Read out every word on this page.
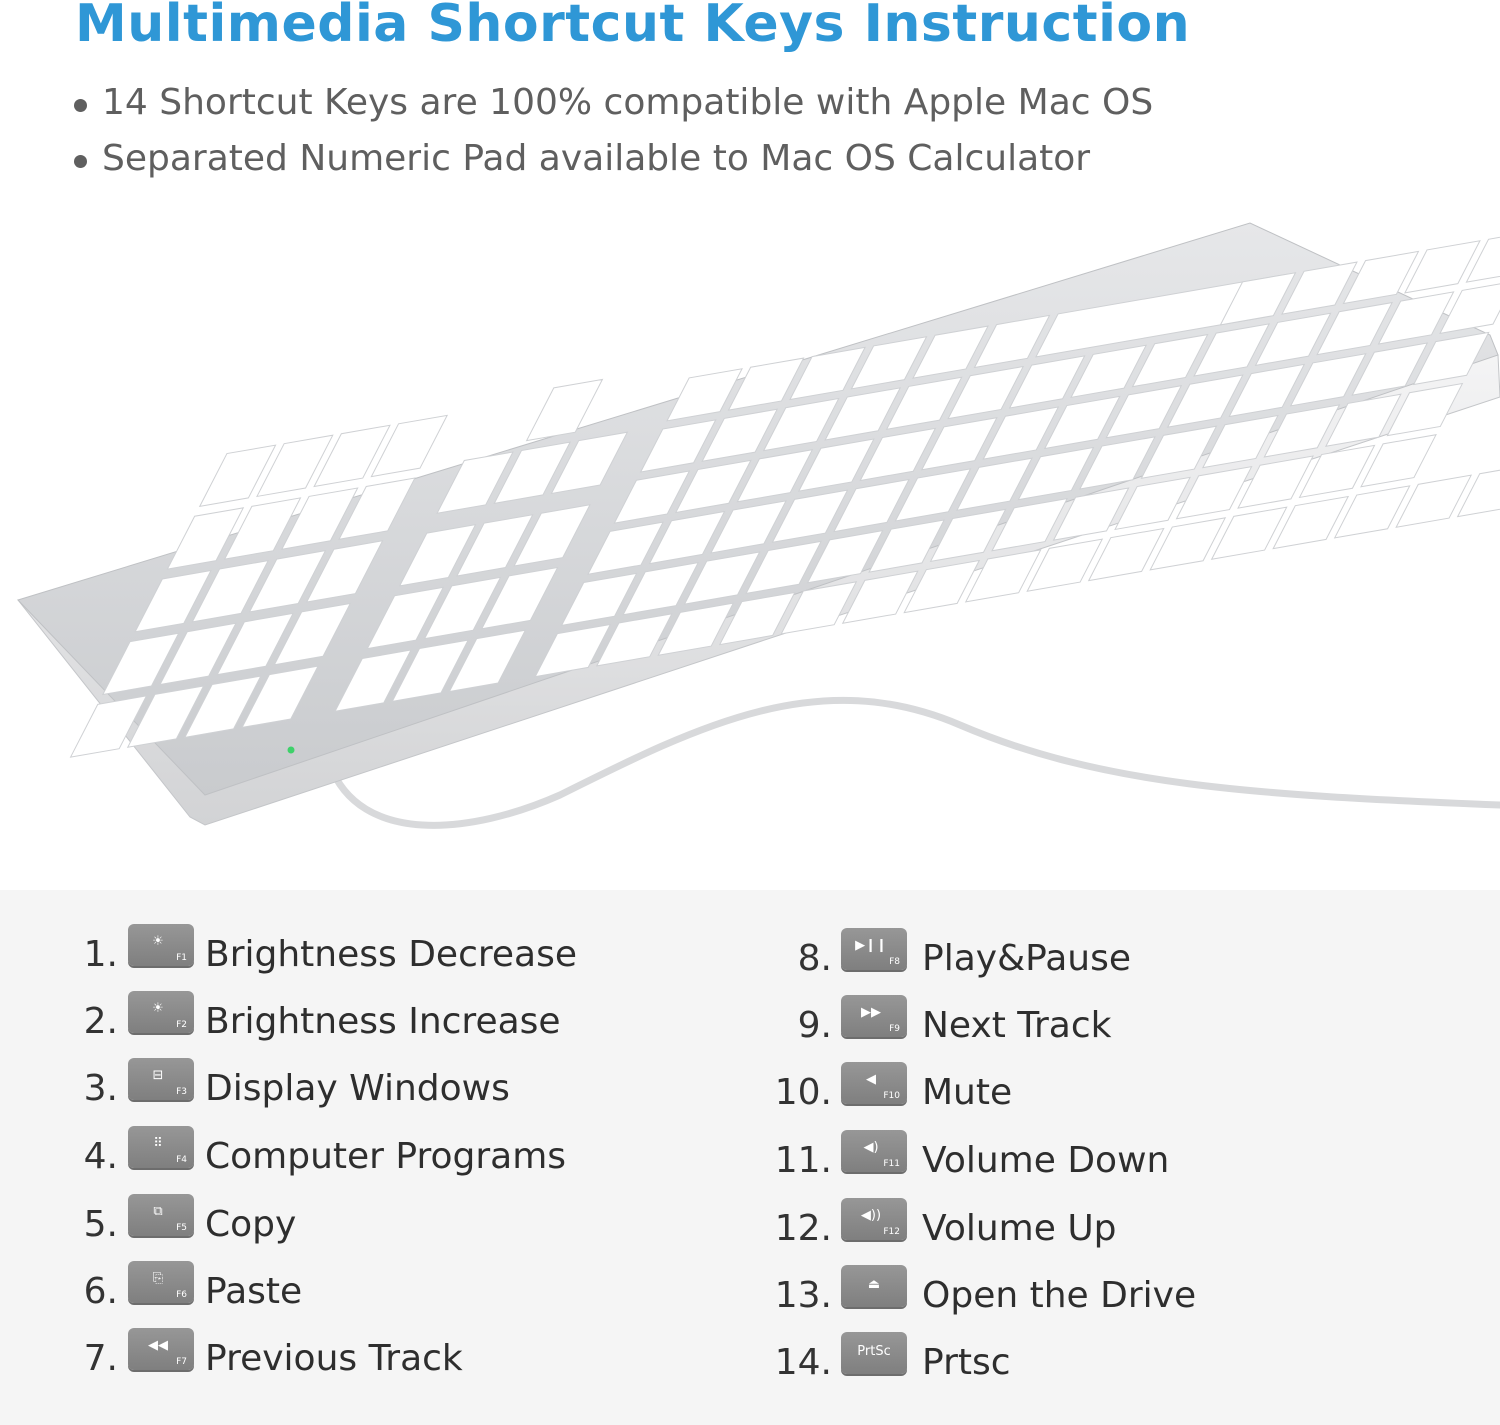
Multimedia Shortcut Keys Instruction
14 Shortcut Keys are 100% compatible with Apple Mac OS
Separated Numeric Pad available to Mac OS Calculator
1.	☀
F1 Brightness Decrease
2.	☀
F2 Brightness Increase
3.	⊟
F3 Display Windows
4.	⠿
F4 Computer Programs
5.	⧉
F5 Copy
6.	⎘
F6 Paste
7.	◀◀
F7 Previous Track
8.	▶❙❙
F8 Play&Pause
9.	▶▶
F9 Next Track
10.	◀
F10 Mute
11.	◀)
F11 Volume Down
12.	◀))
F12 Volume Up
13.	⏏	Open the Drive
14.	PrtSc Prtsc
